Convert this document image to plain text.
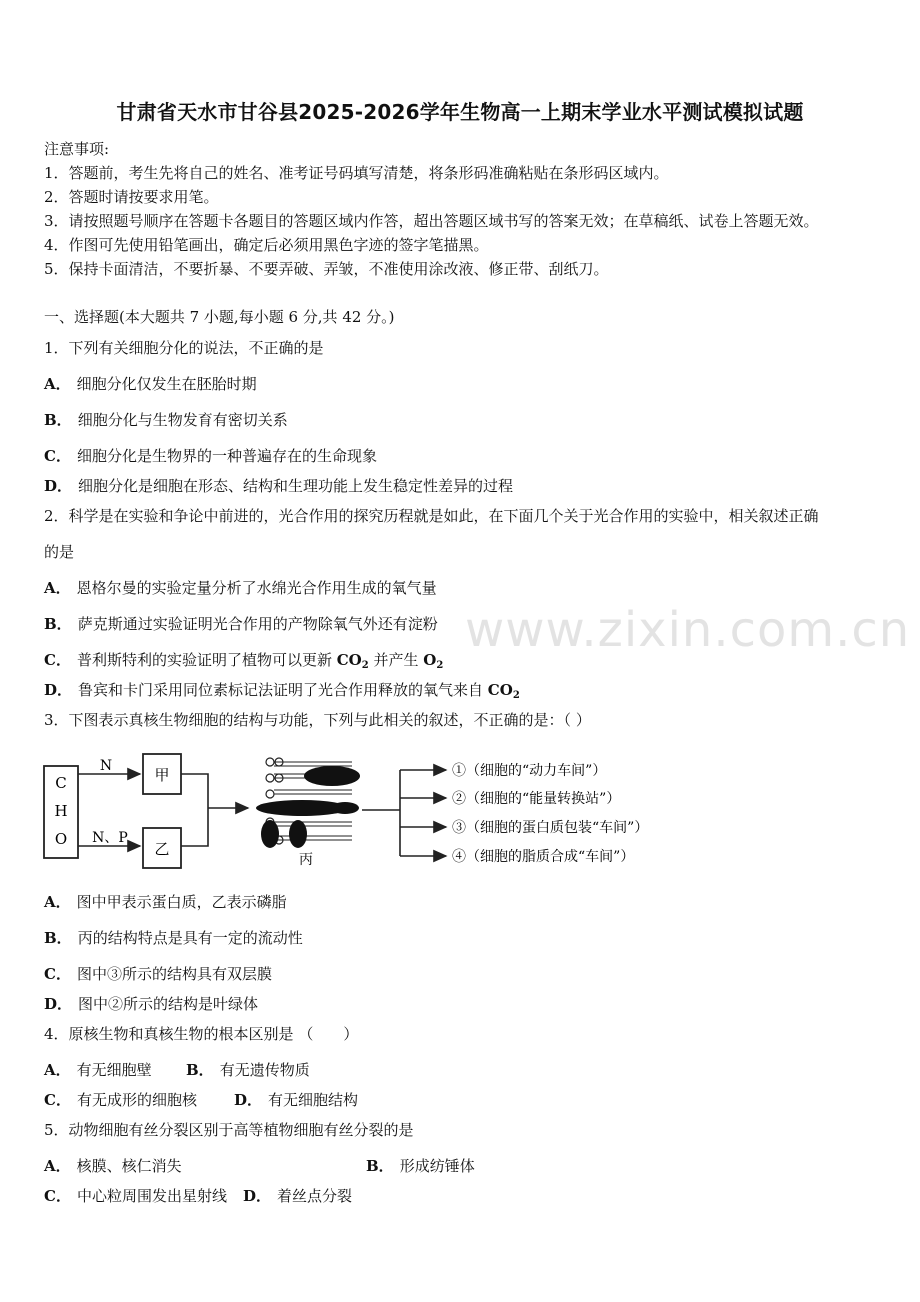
甘肃省天水市甘谷县2025-2026学年生物高一上期末学业水平测试模拟试题
注意事项:
1．答题前，考生先将自己的姓名、准考证号码填写清楚，将条形码准确粘贴在条形码区域内。
2．答题时请按要求用笔。
3．请按照题号顺序在答题卡各题目的答题区域内作答，超出答题区域书写的答案无效；在草稿纸、试卷上答题无效。
4．作图可先使用铅笔画出，确定后必须用黑色字迹的签字笔描黑。
5．保持卡面清洁，不要折暴、不要弄破、弄皱，不准使用涂改液、修正带、刮纸刀。
一、选择题(本大题共 7 小题,每小题 6 分,共 42 分。)
1．下列有关细胞分化的说法，不正确的是
A． 细胞分化仅发生在胚胎时期
B． 细胞分化与生物发育有密切关系
C． 细胞分化是生物界的一种普遍存在的生命现象
D． 细胞分化是细胞在形态、结构和生理功能上发生稳定性差异的过程
2．科学是在实验和争论中前进的，光合作用的探究历程就是如此，在下面几个关于光合作用的实验中，相关叙述正确
的是
A． 恩格尔曼的实验定量分析了水绵光合作用生成的氧气量
B． 萨克斯通过实验证明光合作用的产物除氧气外还有淀粉
C． 普利斯特利的实验证明了植物可以更新 $CO_2$ 并产生 $O_2$
D． 鲁宾和卡门采用同位素标记法证明了光合作用释放的氧气来自 $CO_2$
3．下图表示真核生物细胞的结构与功能，下列与此相关的叙述，不正确的是：（ ）
C
H
O
N
N、P
甲
乙
丙
①（细胞的“动力车间”）
②（细胞的“能量转换站”）
③（细胞的蛋白质包装“车间”）
④（细胞的脂质合成“车间”）
A． 图中甲表示蛋白质，乙表示磷脂
B． 丙的结构特点是具有一定的流动性
C． 图中③所示的结构具有双层膜
D． 图中②所示的结构是叶绿体
4．原核生物和真核生物的根本区别是 （　　）
A． 有无细胞壁 B． 有无遗传物质
C． 有无成形的细胞核 D． 有无细胞结构
5．动物细胞有丝分裂区别于高等植物细胞有丝分裂的是
A． 核膜、核仁消失	B． 形成纺锤体
C． 中心粒周围发出星射线 D． 着丝点分裂
www.zixin.com.cn
